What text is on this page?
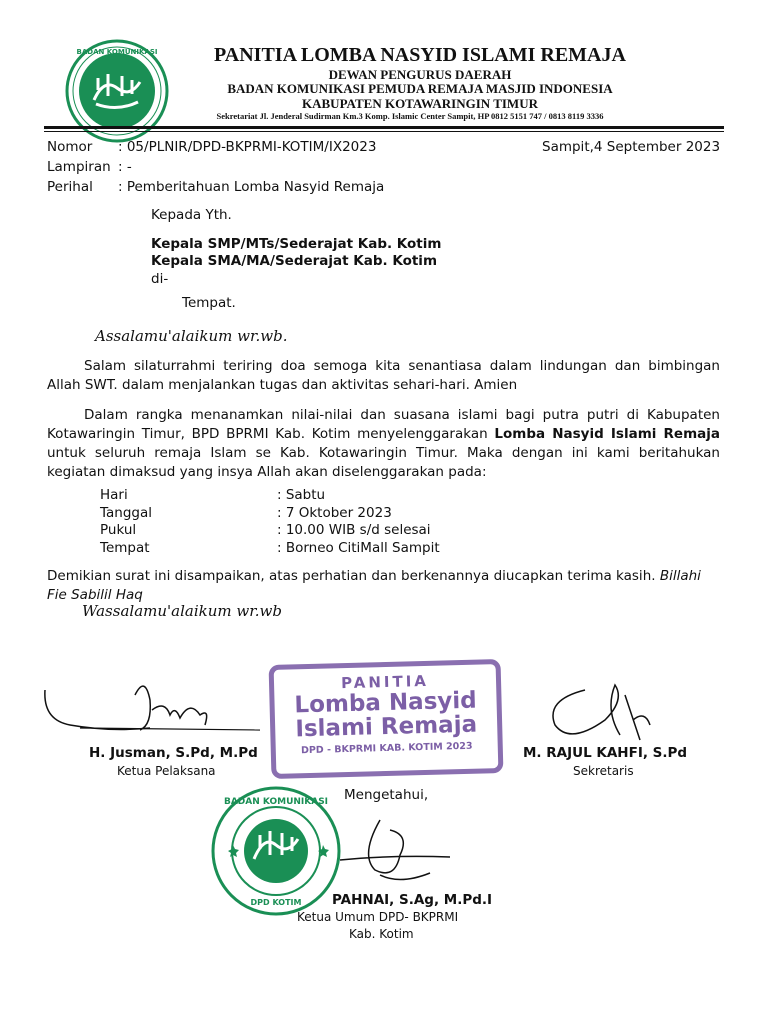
BADAN KOMUNIKASI	PANITIA LOMBA NASYID ISLAMI REMAJA
DEWAN PENGURUS DAERAH
BADAN KOMUNIKASI PEMUDA REMAJA MASJID INDONESIA
KABUPATEN KOTAWARINGIN TIMUR
Sekretariat Jl. Jenderal Sudirman Km.3 Komp. Islamic Center Sampit, HP 0812 5151 747 / 0813 8119 3336
Nomor : 05/PLNIR/DPD-BKPRMI-KOTIM/IX2023	Sampit,4 September 2023
Lampiran : -
Perihal : Pemberitahuan Lomba Nasyid Remaja
Kepada Yth.
Kepala SMP/MTs/Sederajat Kab. Kotim
Kepala SMA/MA/Sederajat Kab. Kotim
di-
Tempat.
Assalamu'alaikum wr.wb.
Salam silaturrahmi teriring doa semoga kita senantiasa dalam lindungan dan bimbingan Allah SWT. dalam menjalankan tugas dan aktivitas sehari-hari. Amien
Dalam rangka menanamkan nilai-nilai dan suasana islami bagi putra putri di Kabupaten Kotawaringin Timur, BPD BPRMI Kab. Kotim menyelenggarakan Lomba Nasyid Islami Remaja untuk seluruh remaja Islam se Kab. Kotawaringin Timur. Maka dengan ini kami beritahukan kegiatan dimaksud yang insya Allah akan diselenggarakan pada:
Hari	: Sabtu
Tanggal	: 7 Oktober 2023
Pukul	: 10.00 WIB s/d selesai
Tempat	: Borneo CitiMall Sampit
Demikian surat ini disampaikan, atas perhatian dan berkenannya diucapkan terima kasih. Billahi Fie Sabilil Haq
Wassalamu'alaikum wr.wb
H. Jusman, S.Pd, M.Pd
Ketua Pelaksana
M. RAJUL KAHFI, S.Pd
Sekretaris
PANITIA
Lomba Nasyid
Islami Remaja
DPD - BKPRMI KAB. KOTIM 2023
Mengetahui,
BADAN KOMUNIKASI
DPD KOTIM PAHNAI, S.Ag, M.Pd.I
Ketua Umum DPD- BKPRMI
Kab. Kotim
